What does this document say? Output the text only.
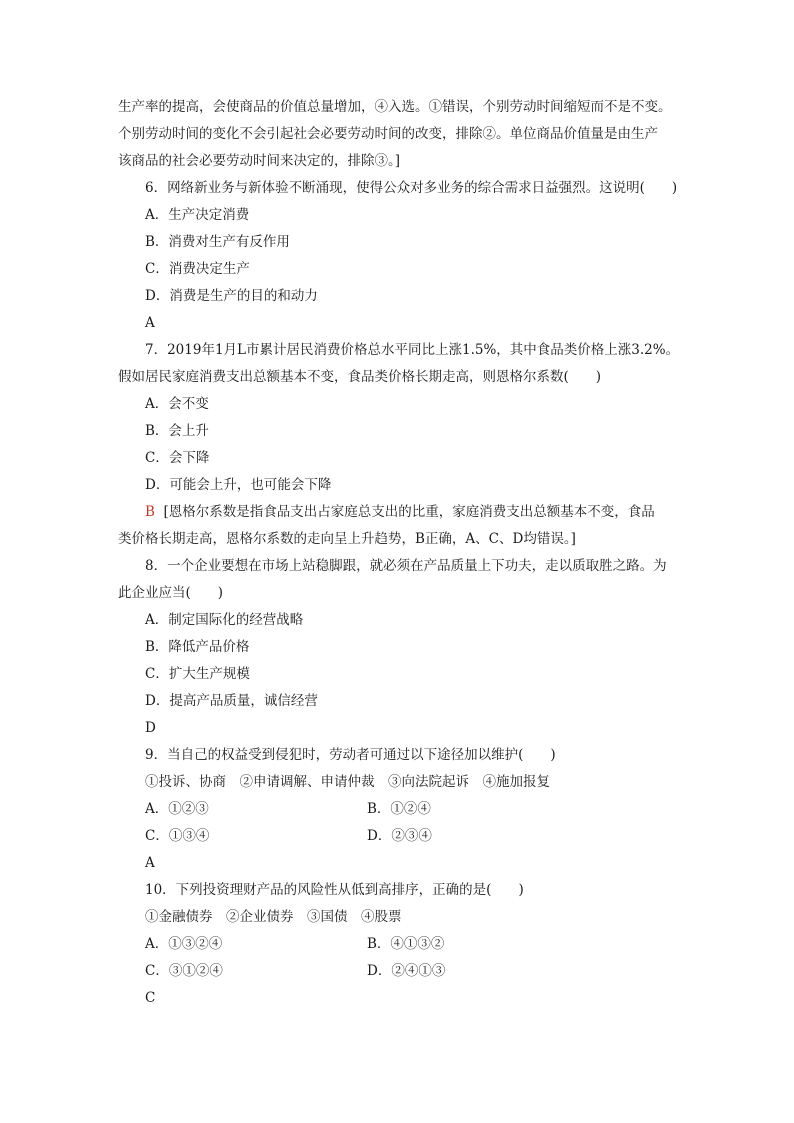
生产率的提高，会使商品的价值总量增加，④入选。①错误，个别劳动时间缩短而不是不变。
个别劳动时间的变化不会引起社会必要劳动时间的改变，排除②。单位商品价值量是由生产
该商品的社会必要劳动时间来决定的，排除③。]
6．网络新业务与新体验不断涌现，使得公众对多业务的综合需求日益强烈。这说明(　　)
A．生产决定消费
B．消费对生产有反作用
C．消费决定生产
D．消费是生产的目的和动力
A
7．2019年1月L市累计居民消费价格总水平同比上涨1.5%，其中食品类价格上涨3.2%。
假如居民家庭消费支出总额基本不变，食品类价格长期走高，则恩格尔系数(　　)
A．会不变
B．会上升
C．会下降
D．可能会上升，也可能会下降
B [恩格尔系数是指食品支出占家庭总支出的比重，家庭消费支出总额基本不变，食品
类价格长期走高，恩格尔系数的走向呈上升趋势，B正确，A、C、D均错误。]
8．一个企业要想在市场上站稳脚跟，就必须在产品质量上下功夫，走以质取胜之路。为
此企业应当(　　)
A．制定国际化的经营战略
B．降低产品价格
C．扩大生产规模
D．提高产品质量，诚信经营
D
9．当自己的权益受到侵犯时，劳动者可通过以下途径加以维护(　　)
①投诉、协商　②申请调解、申请仲裁　③向法院起诉　④施加报复
A．①②③	B．①②④
C．①③④	D．②③④
A
10．下列投资理财产品的风险性从低到高排序，正确的是(　　)
①金融债券　②企业债券　③国债　④股票
A．①③②④	B．④①③②
C．③①②④	D．②④①③
C
